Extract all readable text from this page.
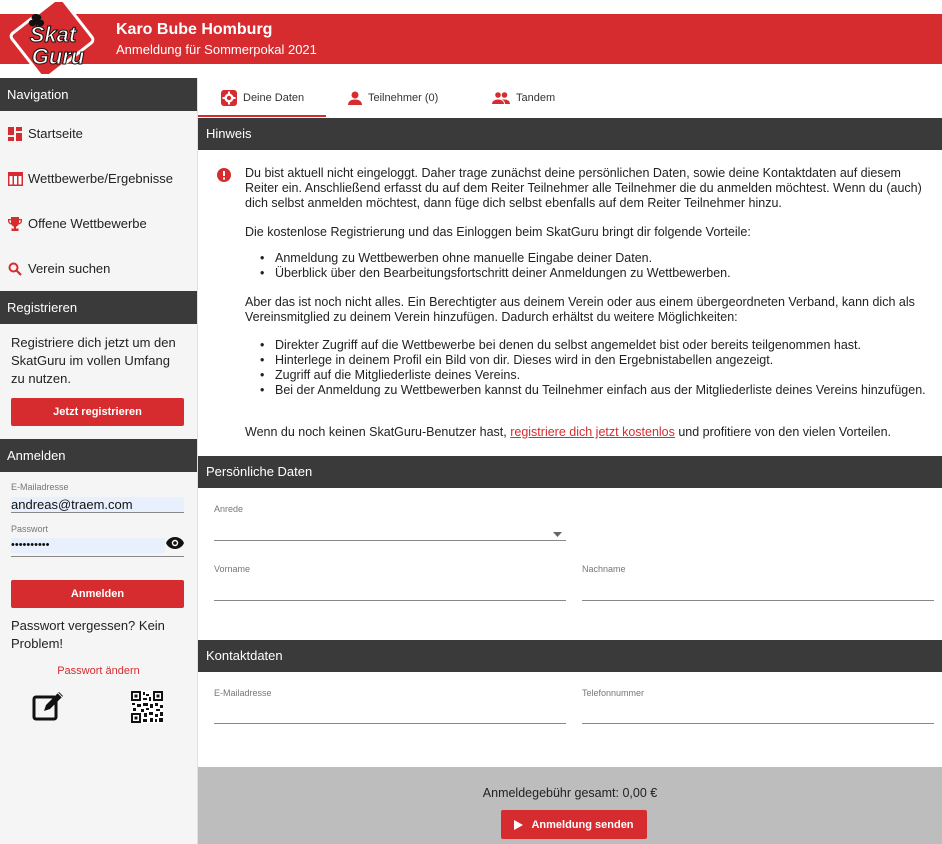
Karo Bube Homburg
Anmeldung für Sommerpokal 2021
Skat
Guru
Navigation
Startseite
Wettbewerbe/Ergebnisse
Offene Wettbewerbe
Verein suchen
Registrieren
Registriere dich jetzt um den SkatGuru im vollen Umfang zu nutzen.
Jetzt registrieren
Anmelden
E-Mailadresse
andreas@traem.com
Passwort
••••••••••
Anmelden
Passwort vergessen? Kein Problem!
Passwort ändern
Deine Daten	Teilnehmer (0)	Tandem
Hinweis

Du bist aktuell nicht eingeloggt. Daher trage zunächst deine persönlichen Daten, sowie deine Kontaktdaten auf diesem Reiter ein. Anschließend erfasst du auf dem Reiter Teilnehmer alle Teilnehmer die du anmelden möchtest. Wenn du (auch) dich selbst anmelden möchtest, dann füge dich selbst ebenfalls auf dem Reiter Teilnehmer hinzu.

Die kostenlose Registrierung und das Einloggen beim SkatGuru bringt dir folgende Vorteile:

• Anmeldung zu Wettbewerben ohne manuelle Eingabe deiner Daten.
• Überblick über den Bearbeitungsfortschritt deiner Anmeldungen zu Wettbewerben.

Aber das ist noch nicht alles. Ein Berechtigter aus deinem Verein oder aus einem übergeordneten Verband, kann dich als Vereinsmitglied zu deinem Verein hinzufügen. Dadurch erhältst du weitere Möglichkeiten:

• Direkter Zugriff auf die Wettbewerbe bei denen du selbst angemeldet bist oder bereits teilgenommen hast.
• Hinterlege in deinem Profil ein Bild von dir. Dieses wird in den Ergebnistabellen angezeigt.
• Zugriff auf die Mitgliederliste deines Vereins.
• Bei der Anmeldung zu Wettbewerben kannst du Teilnehmer einfach aus der Mitgliederliste deines Vereins hinzufügen.

Wenn du noch keinen SkatGuru-Benutzer hast, registriere dich jetzt kostenlos und profitiere von den vielen Vorteilen.

Persönliche Daten
Anrede
Vorname	Nachname
Kontaktdaten
E-Mailadresse	Telefonnummer
Anmeldegebühr gesamt: 0,00 €
Anmeldung senden
